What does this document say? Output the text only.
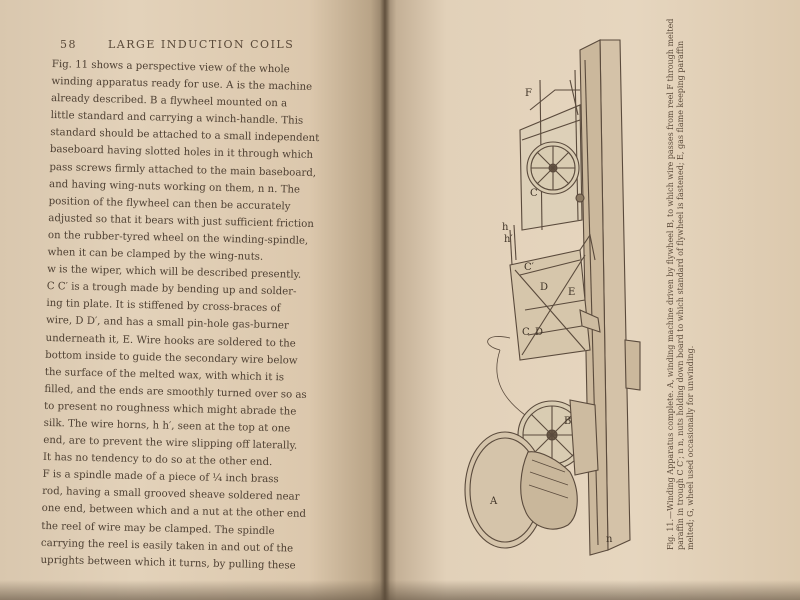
58	LARGE INDUCTION COILS
Fig. 11 shows a perspective view of the whole
winding apparatus ready for use. A is the machine
already described. B a flywheel mounted on a
little standard and carrying a winch-handle. This
standard should be attached to a small independent
baseboard having slotted holes in it through which
pass screws firmly attached to the main baseboard,
and having wing-nuts working on them, n n. The
position of the flywheel can then be accurately
adjusted so that it bears with just sufficient friction
on the rubber-tyred wheel on the winding-spindle,
when it can be clamped by the wing-nuts.
w is the wiper, which will be described presently.
C C′ is a trough made by bending up and solder-
ing tin plate. It is stiffened by cross-braces of
wire, D D′, and has a small pin-hole gas-burner
underneath it, E. Wire hooks are soldered to the
bottom inside to guide the secondary wire below
the surface of the melted wax, with which it is
filled, and the ends are smoothly turned over so as
to present no roughness which might abrade the
silk. The wire horns, h h′, seen at the top at one
end, are to prevent the wire slipping off laterally.
It has no tendency to do so at the other end.
F is a spindle made of a piece of ¼ inch brass
rod, having a small grooved sheave soldered near
one end, between which and a nut at the other end
the reel of wire may be clamped. The spindle
carrying the reel is easily taken in and out of the
uprights between which it turns, by pulling these
F
C
h
h′
C′
D E
C D
B
A
n	Fig. 11.—Winding Apparatus complete. A, winding machine driven by flywheel B, to which wire passes from reel F through melted paraffin in trough C C′; n n, nuts holding down board to which standard of flywheel is fastened; E, gas flame keeping paraffin melted; G, wheel used occasionally for unwinding.
